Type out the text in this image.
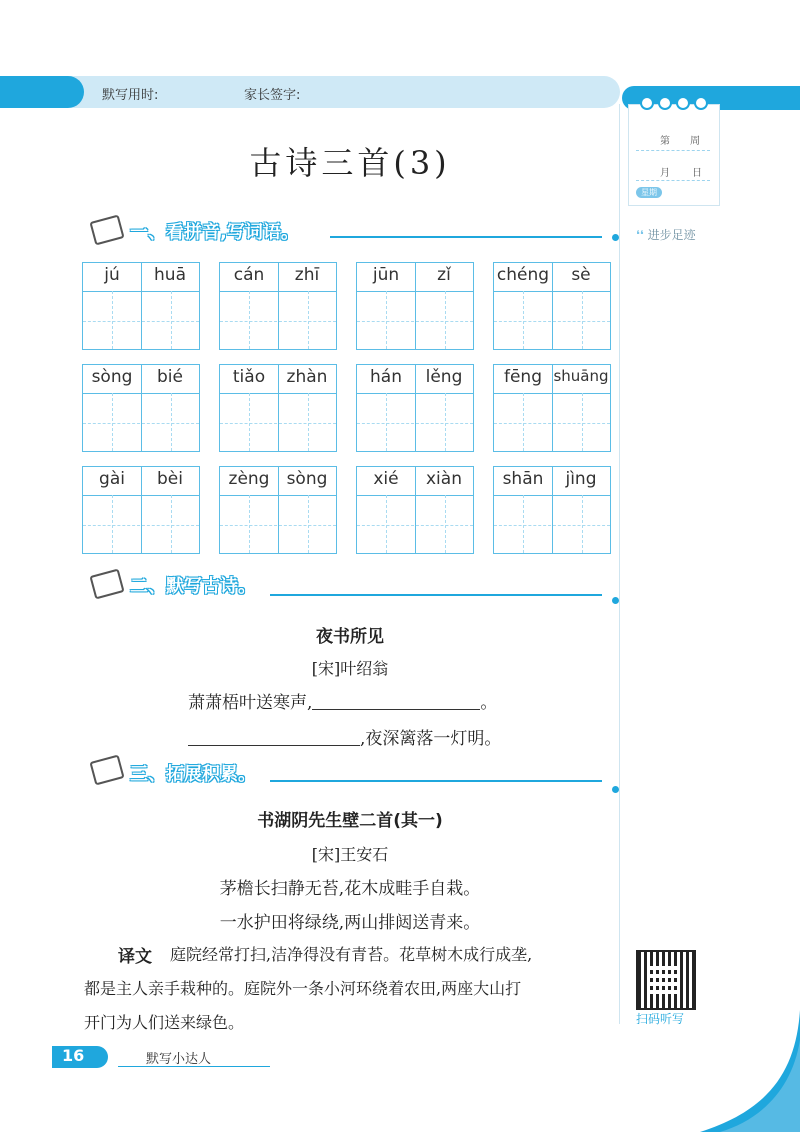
默写用时:	家长签字:
第 周
月 日
星期
❛❛ 进步足迹
古诗三首(3)
一、看拼音,写词语。
jú	huā	cán	zhī	jūn	zǐ	chéng	sè
sòng	bié	tiǎo	zhàn	hán	lěng	fēng shuāng
gài	bèi	zèng	sòng	xié	xiàn	shān	jìng
二、默写古诗。
夜书所见
[宋]叶绍翁
萧萧梧叶送寒声,	。
,夜深篱落一灯明。
三、拓展积累。
书湖阴先生壁二首(其一)
[宋]王安石
茅檐长扫静无苔,花木成畦手自栽。
一水护田将绿绕,两山排闼送青来。
译文 庭院经常打扫,洁净得没有青苔。花草树木成行成垄,
都是主人亲手栽种的。庭院外一条小河环绕着农田,两座大山打
开门为人们送来绿色。	扫码听写
16	默写小达人
